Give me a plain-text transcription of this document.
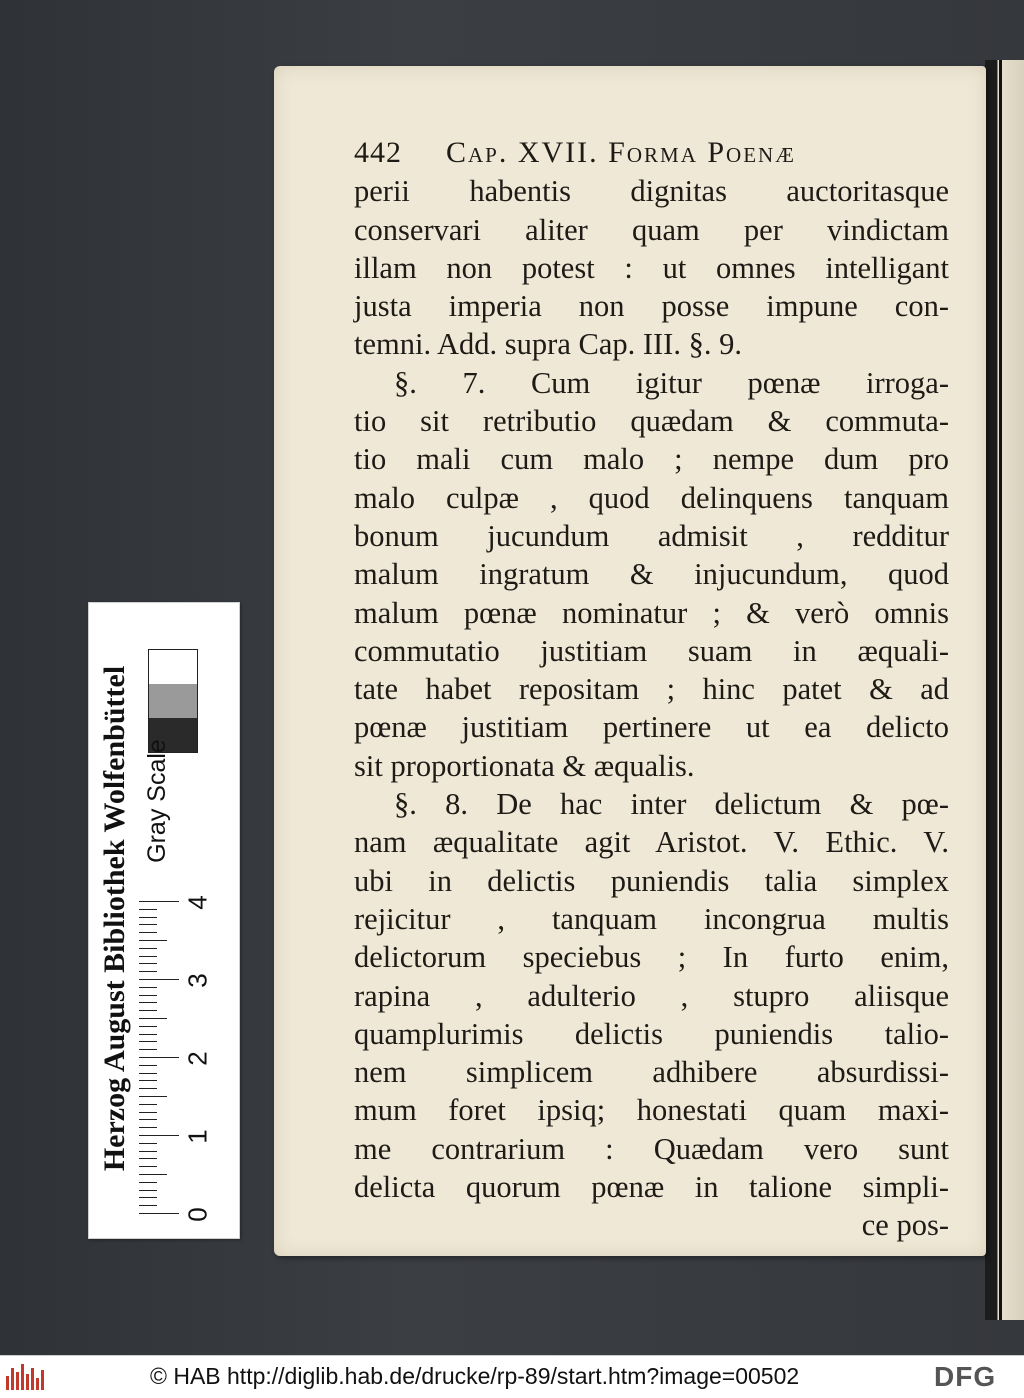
442	Cap. XVII. Forma Poenæ
perii habentis dignitas auctoritasque
conservari aliter quam per vindictam
illam non potest : ut omnes intelligant
justa imperia non posse impune con-
temni. Add. supra Cap. III. §. 9.
§. 7. Cum igitur pœnæ irroga-
tio sit retributio quædam & commuta-
tio mali cum malo ; nempe dum pro
malo culpæ , quod delinquens tanquam
bonum jucundum admisit , redditur
malum ingratum & injucundum, quod
malum pœnæ nominatur ; & verò omnis
commutatio justitiam suam in æquali-
tate habet repositam ; hinc patet & ad
pœnæ justitiam pertinere ut ea delicto
sit proportionata & æqualis.
§. 8. De hac inter delictum & pœ-
nam æqualitate agit Aristot. V. Ethic. V.
ubi in delictis puniendis talia simplex
rejicitur , tanquam incongrua multis
delictorum speciebus ; In furto enim,
rapina , adulterio , stupro aliisque
quamplurimis delictis puniendis talio-
nem simplicem adhibere absurdissi-
mum foret ipsiq; honestati quam maxi-
me contrarium : Quædam vero sunt
delicta quorum pœnæ in talione simpli-
ce pos-
Herzog August Bibliothek Wolfenbüttel Gray Scale
0
1
2
3
4
© HAB http://diglib.hab.de/drucke/rp-89/start.htm?image=00502	DFG
